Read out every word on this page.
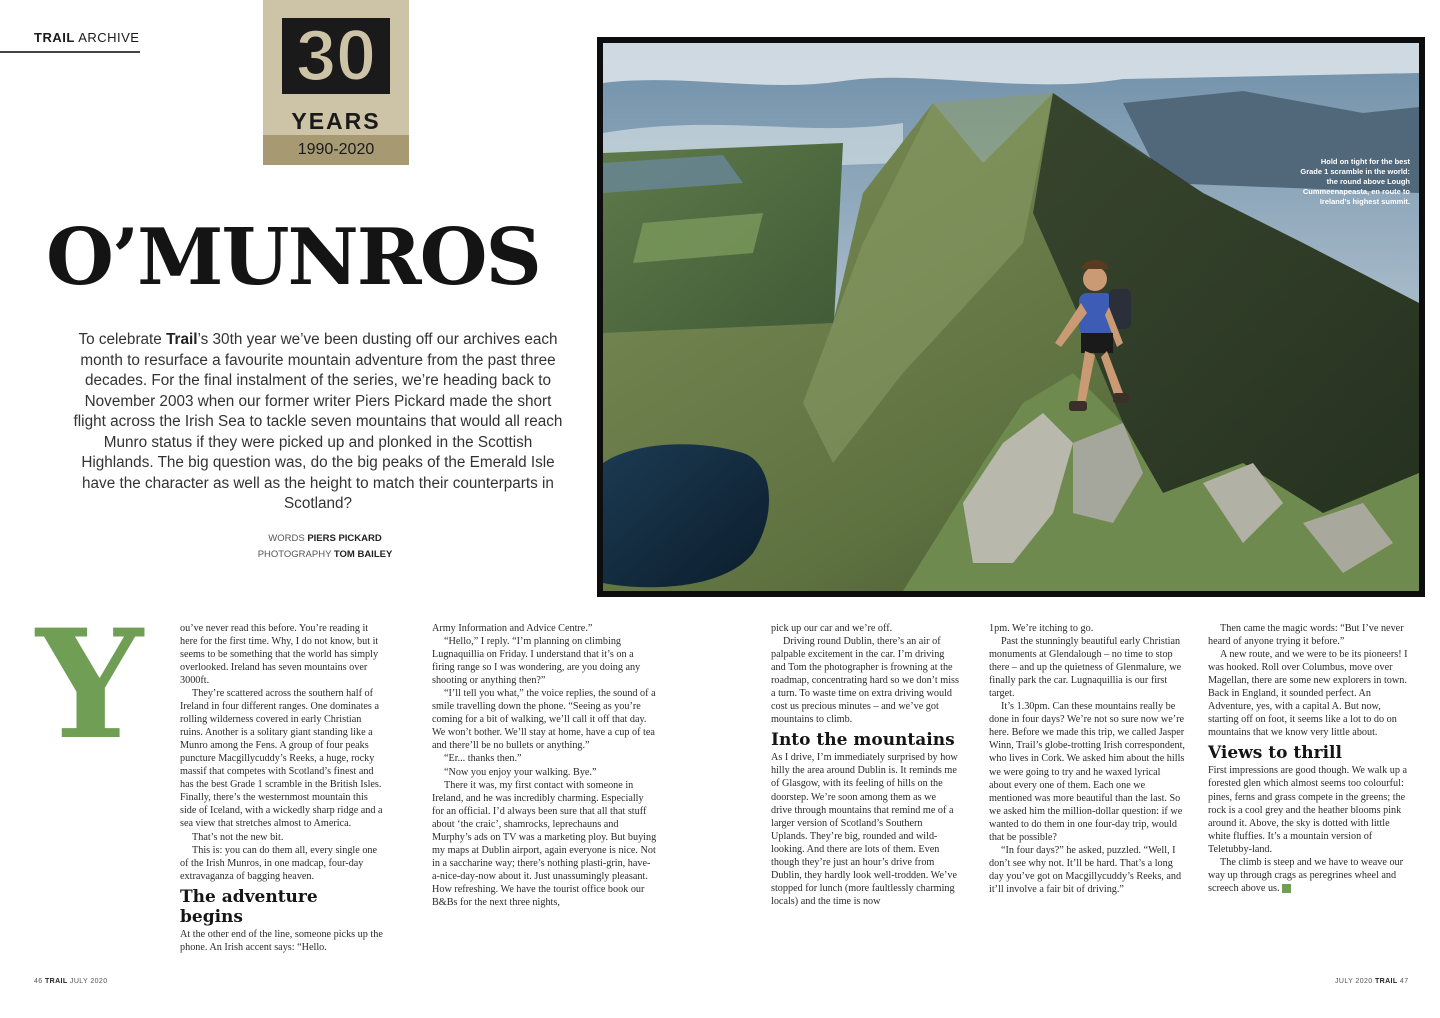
TRAIL ARCHIVE 30
YEARS
1990-2020
O’MUNROS
To celebrate Trail’s 30th year we’ve been dusting off our archives each month to resurface a favourite mountain adventure from the past three decades. For the final instalment of the series, we’re heading back to November 2003 when our former writer Piers Pickard made the short flight across the Irish Sea to tackle seven mountains that would all reach Munro status if they were picked up and plonked in the Scottish Highlands. The big question was, do the big peaks of the Emerald Isle have the character as well as the height to match their counterparts in Scotland?
WORDS PIERS PICKARD
PHOTOGRAPHY TOM BAILEY
Hold on tight for the best Grade 1 scramble in the world: the round above Lough Cummeenapeasta, en route to Ireland’s highest summit.
Y	ou’ve never read this before. You’re reading it here for the first time. Why, I do not know, but it seems to be something that the world has simply overlooked. Ireland has seven mountains over 3000ft.

They’re scattered across the southern half of Ireland in four different ranges. One dominates a rolling wilderness covered in early Christian ruins. Another is a solitary giant standing like a Munro among the Fens. A group of four peaks puncture Macgillycuddy’s Reeks, a huge, rocky massif that competes with Scotland’s finest and has the best Grade 1 scramble in the British Isles. Finally, there’s the westernmost mountain this side of Iceland, with a wickedly sharp ridge and a sea view that stretches almost to America.

That’s not the new bit.

This is: you can do them all, every single one of the Irish Munros, in one madcap, four-day extravaganza of bagging heaven.

The adventure begins

At the other end of the line, someone picks up the phone. An Irish accent says: “Hello.

Army Information and Advice Centre.”

“Hello,” I reply. “I’m planning on climbing Lugnaquillia on Friday. I understand that it’s on a firing range so I was wondering, are you doing any shooting or anything then?”

“I’ll tell you what,” the voice replies, the sound of a smile travelling down the phone. “Seeing as you’re coming for a bit of walking, we’ll call it off that day. We won’t bother. We’ll stay at home, have a cup of tea and there’ll be no bullets or anything.”

“Er... thanks then.”

“Now you enjoy your walking. Bye.”

There it was, my first contact with someone in Ireland, and he was incredibly charming. Especially for an official. I’d always been sure that all that stuff about ‘the craic’, shamrocks, leprechauns and Murphy’s ads on TV was a marketing ploy. But buying my maps at Dublin airport, again everyone is nice. Not in a saccharine way; there’s nothing plasti-grin, have-a-nice-day-now about it. Just unassumingly pleasant. How refreshing. We have the tourist office book our B&Bs for the next three nights,

pick up our car and we’re off.

Driving round Dublin, there’s an air of palpable excitement in the car. I’m driving and Tom the photographer is frowning at the roadmap, concentrating hard so we don’t miss a turn. To waste time on extra driving would cost us precious minutes – and we’ve got mountains to climb.

Into the mountains

As I drive, I’m immediately surprised by how hilly the area around Dublin is. It reminds me of Glasgow, with its feeling of hills on the doorstep. We’re soon among them as we drive through mountains that remind me of a larger version of Scotland’s Southern Uplands. They’re big, rounded and wild-looking. And there are lots of them. Even though they’re just an hour’s drive from Dublin, they hardly look well-trodden. We’ve stopped for lunch (more faultlessly charming locals) and the time is now

1pm. We’re itching to go.

Past the stunningly beautiful early Christian monuments at Glendalough – no time to stop there – and up the quietness of Glenmalure, we finally park the car. Lugnaquillia is our first target.

It’s 1.30pm. Can these mountains really be done in four days? We’re not so sure now we’re here. Before we made this trip, we called Jasper Winn, Trail’s globe-trotting Irish correspondent, who lives in Cork. We asked him about the hills we were going to try and he waxed lyrical about every one of them. Each one we mentioned was more beautiful than the last. So we asked him the million-dollar question: if we wanted to do them in one four-day trip, would that be possible?

“In four days?” he asked, puzzled. “Well, I don’t see why not. It’ll be hard. That’s a long day you’ve got on Macgillycuddy’s Reeks, and it’ll involve a fair bit of driving.”

Then came the magic words: “But I’ve never heard of anyone trying it before.”

A new route, and we were to be its pioneers! I was hooked. Roll over Columbus, move over Magellan, there are some new explorers in town. Back in England, it sounded perfect. An Adventure, yes, with a capital A. But now, starting off on foot, it seems like a lot to do on mountains that we know very little about.

Views to thrill

First impressions are good though. We walk up a forested glen which almost seems too colourful: pines, ferns and grass compete in the greens; the rock is a cool grey and the heather blooms pink around it. Above, the sky is dotted with little white fluffies. It’s a mountain version of Teletubby-land.

The climb is steep and we have to weave our way up through crags as peregrines wheel and screech above us. ▶

46 TRAIL JULY 2020	JULY 2020 TRAIL 47
